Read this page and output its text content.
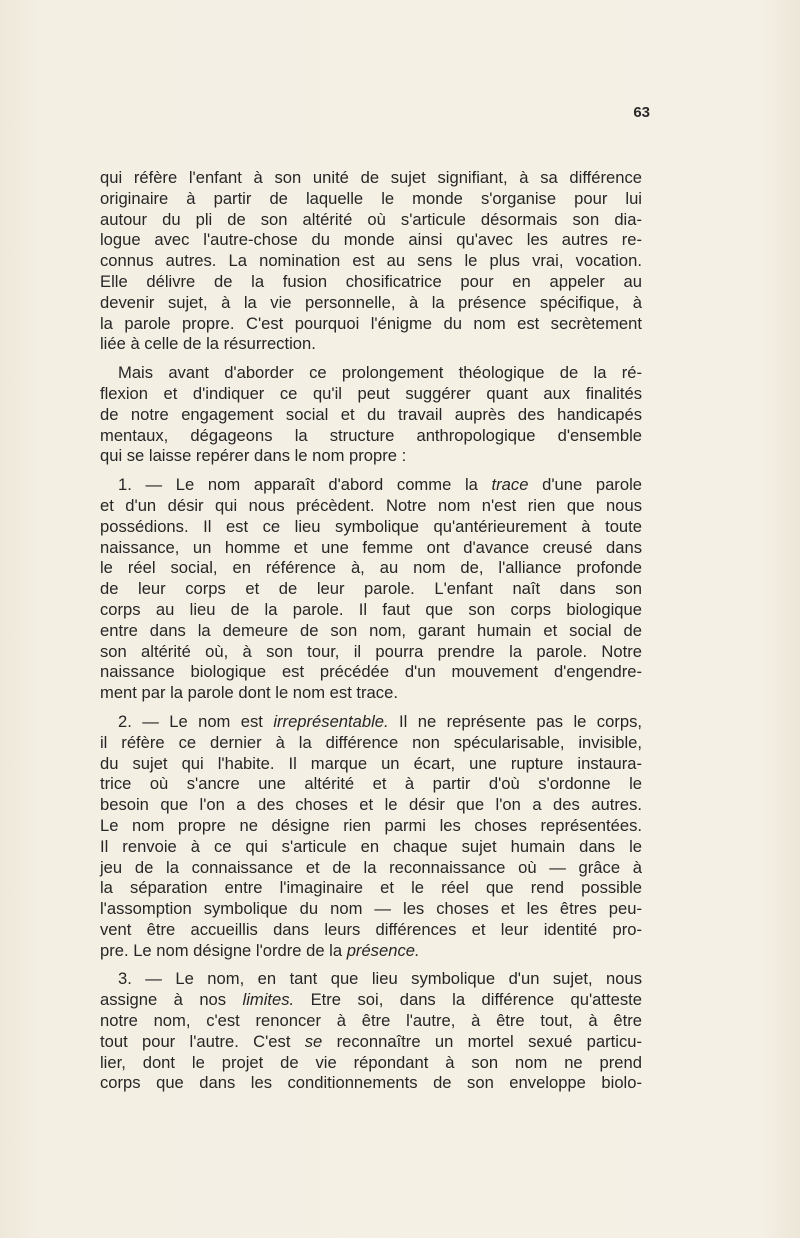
63
qui réfère l'enfant à son unité de sujet signifiant, à sa différence
originaire à partir de laquelle le monde s'organise pour lui
autour du pli de son altérité où s'articule désormais son dia-
logue avec l'autre-chose du monde ainsi qu'avec les autres re-
connus autres. La nomination est au sens le plus vrai, vocation.
Elle délivre de la fusion chosificatrice pour en appeler au
devenir sujet, à la vie personnelle, à la présence spécifique, à
la parole propre. C'est pourquoi l'énigme du nom est secrètement
liée à celle de la résurrection.
Mais avant d'aborder ce prolongement théologique de la ré-
flexion et d'indiquer ce qu'il peut suggérer quant aux finalités
de notre engagement social et du travail auprès des handicapés
mentaux, dégageons la structure anthropologique d'ensemble
qui se laisse repérer dans le nom propre :
1. — Le nom apparaît d'abord comme la trace d'une parole
et d'un désir qui nous précèdent. Notre nom n'est rien que nous
possédions. Il est ce lieu symbolique qu'antérieurement à toute
naissance, un homme et une femme ont d'avance creusé dans
le réel social, en référence à, au nom de, l'alliance profonde
de leur corps et de leur parole. L'enfant naît dans son
corps au lieu de la parole. Il faut que son corps biologique
entre dans la demeure de son nom, garant humain et social de
son altérité où, à son tour, il pourra prendre la parole. Notre
naissance biologique est précédée d'un mouvement d'engendre-
ment par la parole dont le nom est trace.
2. — Le nom est irreprésentable. Il ne représente pas le corps,
il réfère ce dernier à la différence non spécularisable, invisible,
du sujet qui l'habite. Il marque un écart, une rupture instaura-
trice où s'ancre une altérité et à partir d'où s'ordonne le
besoin que l'on a des choses et le désir que l'on a des autres.
Le nom propre ne désigne rien parmi les choses représentées.
Il renvoie à ce qui s'articule en chaque sujet humain dans le
jeu de la connaissance et de la reconnaissance où — grâce à
la séparation entre l'imaginaire et le réel que rend possible
l'assomption symbolique du nom — les choses et les êtres peu-
vent être accueillis dans leurs différences et leur identité pro-
pre. Le nom désigne l'ordre de la présence.
3. — Le nom, en tant que lieu symbolique d'un sujet, nous
assigne à nos limites. Etre soi, dans la différence qu'atteste
notre nom, c'est renoncer à être l'autre, à être tout, à être
tout pour l'autre. C'est se reconnaître un mortel sexué particu-
lier, dont le projet de vie répondant à son nom ne prend
corps que dans les conditionnements de son enveloppe biolo-
